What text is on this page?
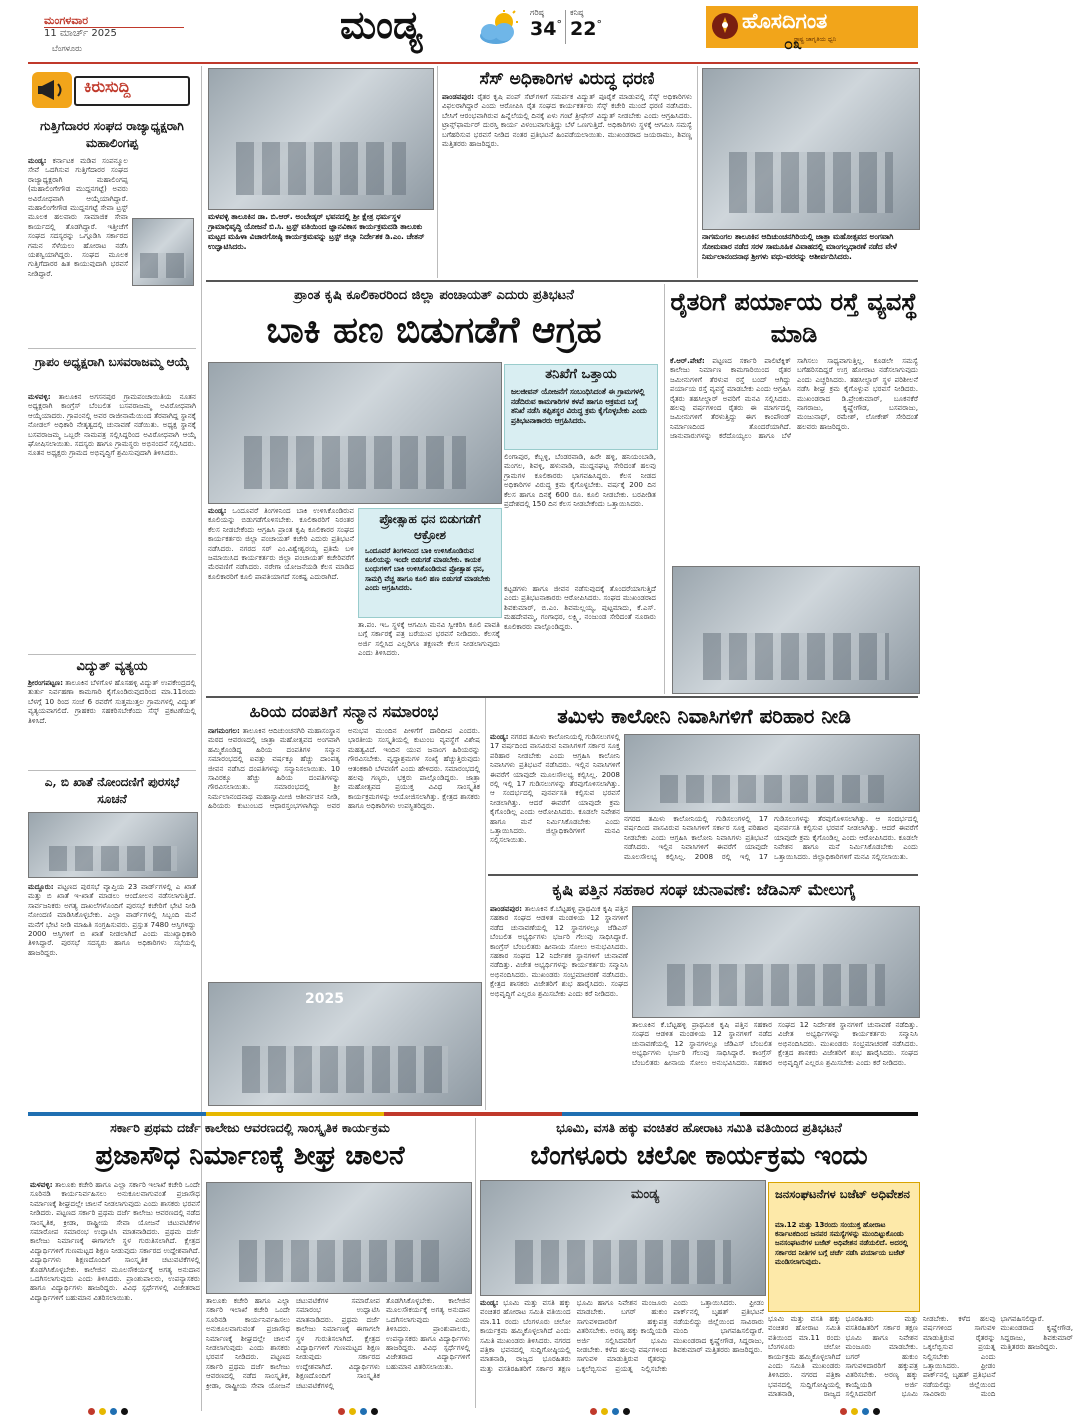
ಮಂಗಳವಾರ
11 ಮಾರ್ಚ್ 2025
ಬೆಂಗಳೂರು
ಮಂಡ್ಯ	ಗರಿಷ್ಠ
34°
ಕನಿಷ್ಠ
22°	ಹೊಸದಿಗಂತ
ರಾಷ್ಟ್ರ ಜಾಗೃತಿಯ ಧ್ವನಿ
೦೩
ಕಿರುಸುದ್ದಿ
ಗುತ್ತಿಗೆದಾರರ ಸಂಘದ ರಾಜ್ಯಾಧ್ಯಕ್ಷರಾಗಿ ಮಹಾಲಿಂಗಪ್ಪ
ಮಂಡ್ಯ: ಕರ್ನಾಟಕ ಮಡಿವ ಸಂಪನ್ಮೂಲ ಸೇವೆ ಒದಗಿಸುವ ಗುತ್ತಿಗೆದಾರರ ಸಂಘದ ರಾಜ್ಯಾಧ್ಯಕ್ಷರಾಗಿ ಮಹಾಲಿಂಗಪ್ಪ (ಮಹಾಲಿಂಗೇಗೌಡ ಮುದ್ದನಗಟ್ಟೆ) ಅವರು ಅವಿರೋಧವಾಗಿ ಆಯ್ಕೆಯಾಗಿದ್ದಾರೆ. ಮಹಾಲಿಂಗೇಗೌಡ ಮುದ್ದನಗಟ್ಟೆ ಸೇವಾ ಟ್ರಸ್ಟ್ ಮೂಲಕ ಹಲವಾರು ಸಾಮಾಜಿಕ ಸೇವಾ ಕಾರ್ಯದಲ್ಲಿ ತೊಡಗಿದ್ದಾರೆ. ಇತ್ತೀಚೆಗೆ ಸಂಘದ ಸದಸ್ಯರನ್ನು ಒಗ್ಗೂಡಿಸಿ ಸರ್ಕಾರದ ಗಮನ ಸೆಳೆಯಲು ಹೋರಾಟ ನಡೆಸಿ ಯಶಸ್ವಿಯಾಗಿದ್ದರು. ಸಂಘದ ಮೂಲಕ ಗುತ್ತಿಗೆದಾರರ ಹಿತ ಕಾಯುವುದಾಗಿ ಭರವಸೆ ನೀಡಿದ್ದಾರೆ.
ಗ್ರಾಪಂ ಅಧ್ಯಕ್ಷರಾಗಿ ಬಸವರಾಜಮ್ಮ ಆಯ್ಕೆ
ಮಳವಳ್ಳಿ: ತಾಲೂಕಿನ ಅಗಸನಪುರ ಗ್ರಾಮಪಂಚಾಯಿತಿಯ ನೂತನ ಅಧ್ಯಕ್ಷರಾಗಿ ಕಾಂಗ್ರೆಸ್ ಬೆಂಬಲಿತ ಬಸವರಾಜಮ್ಮ ಅವಿರೋಧವಾಗಿ ಆಯ್ಕೆಯಾದರು. ಗ್ರಾಪಂನಲ್ಲಿ ಅವರ ರಾಜೀನಾಮೆಯಿಂದ ತೆರವಾಗಿದ್ದ ಸ್ಥಾನಕ್ಕೆ ನೋಡಲ್ ಅಧಿಕಾರಿ ನೇತೃತ್ವದಲ್ಲಿ ಚುನಾವಣೆ ನಡೆಯಿತು. ಅಧ್ಯಕ್ಷ ಸ್ಥಾನಕ್ಕೆ ಬಸವರಾಜಮ್ಮ ಒಬ್ಬರೇ ನಾಮಪತ್ರ ಸಲ್ಲಿಸಿದ್ದರಿಂದ ಅವಿರೋಧವಾಗಿ ಆಯ್ಕೆ ಘೋಷಿಸಲಾಯಿತು. ಸದಸ್ಯರು ಹಾಗೂ ಗ್ರಾಮಸ್ಥರು ಅಭಿನಂದನೆ ಸಲ್ಲಿಸಿದರು. ನೂತನ ಅಧ್ಯಕ್ಷರು ಗ್ರಾಮದ ಅಭಿವೃದ್ಧಿಗೆ ಶ್ರಮಿಸುವುದಾಗಿ ತಿಳಿಸಿದರು.
ವಿದ್ಯುತ್ ವ್ಯತ್ಯಯ
ಶ್ರೀರಂಗಪಟ್ಟಣ: ತಾಲೂಕಿನ ಬೆಳಗೊಳ ಹೊಸಹಳ್ಳಿ ವಿದ್ಯುತ್ ಉಪಕೇಂದ್ರದಲ್ಲಿ ತುರ್ತು ನಿರ್ವಹಣಾ ಕಾಮಗಾರಿ ಕೈಗೊಂಡಿರುವುದರಿಂದ ಮಾ.11ರಂದು ಬೆಳಗ್ಗೆ 10 ರಿಂದ ಸಂಜೆ 6 ರವರೆಗೆ ಸುತ್ತಮುತ್ತಲ ಗ್ರಾಮಗಳಲ್ಲಿ ವಿದ್ಯುತ್ ವ್ಯತ್ಯಯವಾಗಲಿದೆ. ಗ್ರಾಹಕರು ಸಹಕರಿಸಬೇಕೆಂದು ಸೆಸ್ಕ್ ಪ್ರಕಟಣೆಯಲ್ಲಿ ತಿಳಿಸಿದೆ.
ಎ, ಬಿ ಖಾತೆ ನೋಂದಣಿಗೆ ಪುರಸಭೆ ಸೂಚನೆ
ಮದ್ದೂರು: ಪಟ್ಟಣದ ಪುರಸಭೆ ವ್ಯಾಪ್ತಿಯ 23 ವಾರ್ಡ್‌ಗಳಲ್ಲಿ ಎ ಖಾತೆ ಮತ್ತು ಬಿ ಖಾತೆ ಇ-ಖಾತೆ ಮಾಡಲು ಆಂದೋಲನ ನಡೆಸಲಾಗುತ್ತಿದೆ. ಸಾರ್ವಜನಿಕರು ಅಗತ್ಯ ದಾಖಲೆಗಳೊಂದಿಗೆ ಪುರಸಭೆ ಕಚೇರಿಗೆ ಭೇಟಿ ನೀಡಿ ನೋಂದಣಿ ಮಾಡಿಸಿಕೊಳ್ಳಬೇಕು. ಎಲ್ಲಾ ವಾರ್ಡ್‌ಗಳಲ್ಲಿ ಸಿಬ್ಬಂದಿ ಮನೆ ಮನೆಗೆ ಭೇಟಿ ನೀಡಿ ಮಾಹಿತಿ ಸಂಗ್ರಹಿಸುವರು. ಪ್ರಸ್ತುತ 7480 ಆಸ್ತಿಗಳಿದ್ದು 2000 ಆಸ್ತಿಗಳಿಗೆ ಬಿ ಖಾತೆ ನೀಡಲಾಗಿದೆ ಎಂದು ಮುಖ್ಯಾಧಿಕಾರಿ ತಿಳಿಸಿದ್ದಾರೆ. ಪುರಸಭೆ ಸದಸ್ಯರು ಹಾಗೂ ಅಧಿಕಾರಿಗಳು ಸಭೆಯಲ್ಲಿ ಹಾಜರಿದ್ದರು.
ಮಳವಳ್ಳಿ ತಾಲೂಕಿನ ಡಾ. ಬಿ.ಆರ್. ಅಂಬೇಡ್ಕರ್ ಭವನದಲ್ಲಿ ಶ್ರೀ ಕ್ಷೇತ್ರ ಧರ್ಮಸ್ಥಳ ಗ್ರಾಮಾಭಿವೃದ್ಧಿ ಯೋಜನೆ ಬಿ.ಸಿ. ಟ್ರಸ್ಟ್ ವತಿಯಿಂದ ಜ್ಞಾನವಿಕಾಸ ಕಾರ್ಯಕ್ರಮದಡಿ ತಾಲೂಕು ಮಟ್ಟದ ಮಹಿಳಾ ವಿಚಾರಗೋಷ್ಠಿ ಕಾರ್ಯಕ್ರಮವನ್ನು ಟ್ರಸ್ಟ್ ಜಿಲ್ಲಾ ನಿರ್ದೇಶಕ ಡಿ.ಎಂ. ಚೇತನ್ ಉದ್ಘಾಟಿಸಿದರು.
ಸೆಸ್ ಅಧಿಕಾರಿಗಳ ವಿರುದ್ಧ ಧರಣಿ
ಪಾಂಡವಪುರ: ರೈತರ ಕೃಷಿ ಪಂಪ್ ಸೆಟ್‌ಗಳಿಗೆ ಸಮರ್ಪಕ ವಿದ್ಯುತ್ ಪೂರೈಕೆ ಮಾಡುವಲ್ಲಿ ಸೆಸ್ಕ್ ಅಧಿಕಾರಿಗಳು ವಿಫಲರಾಗಿದ್ದಾರೆ ಎಂದು ಆರೋಪಿಸಿ ರೈತ ಸಂಘದ ಕಾರ್ಯಕರ್ತರು ಸೆಸ್ಕ್ ಕಚೇರಿ ಮುಂದೆ ಧರಣಿ ನಡೆಸಿದರು. ಬೇಸಿಗೆ ಆರಂಭವಾಗಿರುವ ಹಿನ್ನೆಲೆಯಲ್ಲಿ ದಿನಕ್ಕೆ ಏಳು ಗಂಟೆ ತ್ರೀಫೇಸ್ ವಿದ್ಯುತ್ ನೀಡಬೇಕು ಎಂದು ಆಗ್ರಹಿಸಿದರು. ಟ್ರಾನ್ಸ್‌ಫಾರ್ಮರ್ ದುರಸ್ತಿ ಕಾರ್ಯ ವಿಳಂಬವಾಗುತ್ತಿದ್ದು ಬೆಳೆ ಒಣಗುತ್ತಿದೆ. ಅಧಿಕಾರಿಗಳು ಸ್ಥಳಕ್ಕೆ ಆಗಮಿಸಿ ಸಮಸ್ಯೆ ಬಗೆಹರಿಸುವ ಭರವಸೆ ನೀಡಿದ ನಂತರ ಪ್ರತಿಭಟನೆ ಹಿಂಪಡೆಯಲಾಯಿತು. ಮುಖಂಡರಾದ ಜಯರಾಮು, ಶಿವಣ್ಣ ಮತ್ತಿತರರು ಹಾಜರಿದ್ದರು.
ನಾಗಮಂಗಲ ತಾಲೂಕಿನ ಆದಿಚುಂಚನಗಿರಿಯಲ್ಲಿ ಜಾತ್ರಾ ಮಹೋತ್ಸವದ ಅಂಗವಾಗಿ ಸೋಮವಾರ ನಡೆದ ಸರಳ ಸಾಮೂಹಿಕ ವಿವಾಹದಲ್ಲಿ ಮಾಂಗಲ್ಯಧಾರಣೆ ನಡೆದ ವೇಳೆ ನಿರ್ಮಲಾನಂದನಾಥ ಶ್ರೀಗಳು ವಧು-ವರರನ್ನು ಆಶೀರ್ವದಿಸಿದರು.
ಪ್ರಾಂತ ಕೃಷಿ ಕೂಲಿಕಾರರಿಂದ ಜಿಲ್ಲಾ ಪಂಚಾಯತ್ ಎದುರು ಪ್ರತಿಭಟನೆ
ಬಾಕಿ ಹಣ ಬಿಡುಗಡೆಗೆ ಆಗ್ರಹ
ತನಿಖೆಗೆ ಒತ್ತಾಯ
ಜಲಜೀವನ್ ಯೋಜನೆಗೆ ಸಂಬಂಧಿಸಿದಂತೆ ಈ ಗ್ರಾಮಗಳಲ್ಲಿ ನಡೆದಿರುವ ಕಾಮಗಾರಿಗಳ ಕಳಪೆ ಹಾಗೂ ಅಕ್ರಮದ ಬಗ್ಗೆ ತನಿಖೆ ನಡೆಸಿ ತಪ್ಪಿತಸ್ಥರ ವಿರುದ್ಧ ಕ್ರಮ ಕೈಗೊಳ್ಳಬೇಕು ಎಂದು ಪ್ರತಿಭಟನಾಕಾರರು ಆಗ್ರಹಿಸಿದರು.
ಲಿಂಗಾಪುರ, ಕೆಬ್ಬಳ್ಳಿ, ಬೆಂಡರವಾಡಿ, ಹಿರೇ ಹಳ್ಳಿ, ಹನಿಯಂಬಾಡಿ, ಮಂಗಲ, ಶಿವಳ್ಳಿ, ಹಳುವಾಡಿ, ಮುದ್ದನಘಟ್ಟ ಸೇರಿದಂತೆ ಹಲವು ಗ್ರಾಮಗಳ ಕೂಲಿಕಾರರು ಭಾಗವಹಿಸಿದ್ದರು. ಕೆಲಸ ನೀಡದ ಅಧಿಕಾರಿಗಳ ವಿರುದ್ಧ ಕ್ರಮ ಕೈಗೊಳ್ಳಬೇಕು. ವರ್ಷಕ್ಕೆ 200 ದಿನ ಕೆಲಸ ಹಾಗೂ ದಿನಕ್ಕೆ 600 ರೂ. ಕೂಲಿ ನೀಡಬೇಕು. ಬರಪೀಡಿತ ಪ್ರದೇಶದಲ್ಲಿ 150 ದಿನ ಕೆಲಸ ನೀಡಬೇಕೆಂದು ಒತ್ತಾಯಿಸಿದರು.
ಮಂಡ್ಯ: ಒಂದೂವರೆ ತಿಂಗಳಿನಿಂದ ಬಾಕಿ ಉಳಿಸಿಕೊಂಡಿರುವ ಕೂಲಿಯನ್ನು ಬಿಡುಗಡೆಗೊಳಿಸಬೇಕು. ಕೂಲಿಕಾರರಿಗೆ ನಿರಂತರ ಕೆಲಸ ನೀಡಬೇಕೆಂದು ಆಗ್ರಹಿಸಿ ಪ್ರಾಂತ ಕೃಷಿ ಕೂಲಿಕಾರರ ಸಂಘದ ಕಾರ್ಯಕರ್ತರು ಜಿಲ್ಲಾ ಪಂಚಾಯತ್ ಕಚೇರಿ ಎದುರು ಪ್ರತಿಭಟನೆ ನಡೆಸಿದರು. ನಗರದ ಸರ್ ಎಂ.ವಿಶ್ವೇಶ್ವರಯ್ಯ ಪ್ರತಿಮೆ ಬಳಿ ಜಮಾಯಿಸಿದ ಕಾರ್ಯಕರ್ತರು ಜಿಲ್ಲಾ ಪಂಚಾಯತ್ ಕಚೇರಿವರೆಗೆ ಮೆರವಣಿಗೆ ನಡೆಸಿದರು. ನರೇಗಾ ಯೋಜನೆಯಡಿ ಕೆಲಸ ಮಾಡಿದ ಕೂಲಿಕಾರರಿಗೆ ಕೂಲಿ ಪಾವತಿಯಾಗದೆ ಸಂಕಷ್ಟ ಎದುರಾಗಿದೆ.
ಪ್ರೋತ್ಸಾಹ ಧನ ಬಿಡುಗಡೆಗೆ ಆಕ್ರೋಶ
ಒಂದೂವರೆ ತಿಂಗಳಿನಿಂದ ಬಾಕಿ ಉಳಿಸಿಕೊಂಡಿರುವ ಕೂಲಿಯನ್ನು ಇಂದೇ ಬಿಡುಗಡೆ ಮಾಡಬೇಕು. ಕಾಯಕ ಬಂಧುಗಳಿಗೆ ಬಾಕಿ ಉಳಿಸಿಕೊಂಡಿರುವ ಪ್ರೋತ್ಸಾಹ ಧನ, ಸಾಮಗ್ರಿ ವೆಚ್ಚ ಹಾಗೂ ಕೂಲಿ ಹಣ ಬಿಡುಗಡೆ ಮಾಡಬೇಕು ಎಂದು ಆಗ್ರಹಿಸಿದರು.
ತಾ.ಪಂ. ಇಒ ಸ್ಥಳಕ್ಕೆ ಆಗಮಿಸಿ ಮನವಿ ಸ್ವೀಕರಿಸಿ ಕೂಲಿ ಪಾವತಿ ಬಗ್ಗೆ ಸರ್ಕಾರಕ್ಕೆ ಪತ್ರ ಬರೆಯುವ ಭರವಸೆ ನೀಡಿದರು. ಕೆಲಸಕ್ಕೆ ಅರ್ಜಿ ಸಲ್ಲಿಸಿದ ಎಲ್ಲರಿಗೂ ತಕ್ಷಣವೇ ಕೆಲಸ ನೀಡಲಾಗುವುದು ಎಂದು ತಿಳಿಸಿದರು.
ಕಟ್ಟಡಗಳು ಹಾಗೂ ಜೀವನ ನಡೆಸುವುದಕ್ಕೆ ತೊಂದರೆಯಾಗುತ್ತಿದೆ ಎಂದು ಪ್ರತಿಭಟನಾಕಾರರು ಆರೋಪಿಸಿದರು. ಸಂಘದ ಮುಖಂಡರಾದ ಶಿವಕುಮಾರ್, ಬಿ.ಎಂ. ಶಿವಮಲ್ಲಯ್ಯ, ಪುಟ್ಟಮಾದು, ಕೆ.ಎಸ್. ಮಹದೇವಮ್ಮ, ಗಂಗಾಧರ, ಲಕ್ಷ್ಮಿ, ನಂಜುಂಡ ಸೇರಿದಂತೆ ನೂರಾರು ಕೂಲಿಕಾರರು ಪಾಲ್ಗೊಂಡಿದ್ದರು.
ರೈತರಿಗೆ ಪರ್ಯಾಯ ರಸ್ತೆ ವ್ಯವಸ್ಥೆ ಮಾಡಿ
ಕೆ.ಆರ್.ಪೇಟೆ: ಪಟ್ಟಣದ ಸರ್ಕಾರಿ ಪಾಲಿಟೆಕ್ನಿಕ್ ಕಾಲೇಜು ನಿರ್ಮಾಣ ಕಾಮಗಾರಿಯಿಂದ ರೈತರ ಜಮೀನುಗಳಿಗೆ ತೆರಳುವ ರಸ್ತೆ ಬಂದ್ ಆಗಿದ್ದು ಪರ್ಯಾಯ ರಸ್ತೆ ವ್ಯವಸ್ಥೆ ಮಾಡಬೇಕು ಎಂದು ಆಗ್ರಹಿಸಿ ರೈತರು ತಹಸೀಲ್ದಾರ್ ಅವರಿಗೆ ಮನವಿ ಸಲ್ಲಿಸಿದರು. ಹಲವು ವರ್ಷಗಳಿಂದ ರೈತರು ಈ ಮಾರ್ಗದಲ್ಲಿ ಜಮೀನುಗಳಿಗೆ ತೆರಳುತ್ತಿದ್ದು ಈಗ ಕಾಂಪೌಂಡ್ ನಿರ್ಮಾಣದಿಂದ ತೊಂದರೆಯಾಗಿದೆ. ಜಾನುವಾರುಗಳನ್ನು ಕರೆದೊಯ್ಯಲು ಹಾಗೂ ಬೆಳೆ ಸಾಗಿಸಲು ಸಾಧ್ಯವಾಗುತ್ತಿಲ್ಲ. ಕೂಡಲೇ ಸಮಸ್ಯೆ ಬಗೆಹರಿಸದಿದ್ದರೆ ಉಗ್ರ ಹೋರಾಟ ನಡೆಸಲಾಗುವುದು ಎಂದು ಎಚ್ಚರಿಸಿದರು. ತಹಸೀಲ್ದಾರ್ ಸ್ಥಳ ಪರಿಶೀಲನೆ ನಡೆಸಿ ಶೀಘ್ರ ಕ್ರಮ ಕೈಗೊಳ್ಳುವ ಭರವಸೆ ನೀಡಿದರು. ಮುಖಂಡರಾದ ಡಿ.ಪ್ರೇಂಕುಮಾರ್, ಬೂಕನಕೆರೆ ನಾಗರಾಜು, ಕೃಷ್ಣೇಗೌಡ, ಬಸವರಾಜು, ಮಂಜುನಾಥ್, ರಮೇಶ್, ಲೋಕೇಶ್ ಸೇರಿದಂತೆ ಹಲವರು ಹಾಜರಿದ್ದರು.
ಹಿರಿಯ ದಂಪತಿಗೆ ಸನ್ಮಾನ ಸಮಾರಂಭ
ನಾಗಮಂಗಲ: ತಾಲೂಕಿನ ಆದಿಚುಂಚನಗಿರಿ ಮಹಾಸಂಸ್ಥಾನ ಮಠದ ಆವರಣದಲ್ಲಿ ಜಾತ್ರಾ ಮಹೋತ್ಸವದ ಅಂಗವಾಗಿ ಹಮ್ಮಿಕೊಂಡಿದ್ದ ಹಿರಿಯ ದಂಪತಿಗಳ ಸನ್ಮಾನ ಸಮಾರಂಭದಲ್ಲಿ ಐವತ್ತು ವರ್ಷಕ್ಕೂ ಹೆಚ್ಚು ದಾಂಪತ್ಯ ಜೀವನ ನಡೆಸಿದ ದಂಪತಿಗಳನ್ನು ಸನ್ಮಾನಿಸಲಾಯಿತು. 10 ಸಾವಿರಕ್ಕೂ ಹೆಚ್ಚು ಹಿರಿಯ ದಂಪತಿಗಳನ್ನು ಗೌರವಿಸಲಾಯಿತು. ಸಮಾರಂಭದಲ್ಲಿ ಶ್ರೀ ನಿರ್ಮಲಾನಂದನಾಥ ಮಹಾಸ್ವಾಮೀಜಿ ಆಶೀರ್ವಚನ ನೀಡಿ, ಹಿರಿಯರು ಕುಟುಂಬದ ಆಧಾರಸ್ತಂಭಗಳಾಗಿದ್ದು ಅವರ ಅನುಭವ ಮುಂದಿನ ಪೀಳಿಗೆಗೆ ದಾರಿದೀಪ ಎಂದರು. ಭಾರತೀಯ ಸಂಸ್ಕೃತಿಯಲ್ಲಿ ಕುಟುಂಬ ವ್ಯವಸ್ಥೆಗೆ ವಿಶೇಷ ಮಹತ್ವವಿದೆ. ಇಂದಿನ ಯುವ ಜನಾಂಗ ಹಿರಿಯರನ್ನು ಗೌರವಿಸಬೇಕು. ವೃದ್ಧಾಶ್ರಮಗಳ ಸಂಖ್ಯೆ ಹೆಚ್ಚುತ್ತಿರುವುದು ಆತಂಕಕಾರಿ ಬೆಳವಣಿಗೆ ಎಂದು ಹೇಳಿದರು. ಸಮಾರಂಭದಲ್ಲಿ ಹಲವು ಗಣ್ಯರು, ಭಕ್ತರು ಪಾಲ್ಗೊಂಡಿದ್ದರು. ಜಾತ್ರಾ ಮಹೋತ್ಸವದ ಪ್ರಯುಕ್ತ ವಿವಿಧ ಸಾಂಸ್ಕೃತಿಕ ಕಾರ್ಯಕ್ರಮಗಳನ್ನು ಆಯೋಜಿಸಲಾಗಿತ್ತು. ಕ್ಷೇತ್ರದ ಶಾಸಕರು ಹಾಗೂ ಅಧಿಕಾರಿಗಳು ಉಪಸ್ಥಿತರಿದ್ದರು.
2025
ತಮಿಳು ಕಾಲೋನಿ ನಿವಾಸಿಗಳಿಗೆ ಪರಿಹಾರ ನೀಡಿ
ಮಂಡ್ಯ: ನಗರದ ತಮಿಳು ಕಾಲೋನಿಯಲ್ಲಿ ಗುಡಿಸಲುಗಳಲ್ಲಿ 17 ವರ್ಷದಿಂದ ವಾಸವಿರುವ ನಿವಾಸಿಗಳಿಗೆ ಸರ್ಕಾರ ಸೂಕ್ತ ಪರಿಹಾರ ನೀಡಬೇಕು ಎಂದು ಆಗ್ರಹಿಸಿ ಕಾಲೋನಿ ನಿವಾಸಿಗಳು ಪ್ರತಿಭಟನೆ ನಡೆಸಿದರು. ಇಲ್ಲಿನ ನಿವಾಸಿಗಳಿಗೆ ಈವರೆಗೆ ಯಾವುದೇ ಮೂಲಸೌಲಭ್ಯ ಕಲ್ಪಿಸಿಲ್ಲ. 2008 ರಲ್ಲಿ ಇಲ್ಲಿ 17 ಗುಡಿಸಲುಗಳನ್ನು ತೆರವುಗೊಳಿಸಲಾಗಿತ್ತು. ಆ ಸಂದರ್ಭದಲ್ಲಿ ಪುನರ್ವಸತಿ ಕಲ್ಪಿಸುವ ಭರವಸೆ ನೀಡಲಾಗಿತ್ತು. ಆದರೆ ಈವರೆಗೆ ಯಾವುದೇ ಕ್ರಮ ಕೈಗೊಂಡಿಲ್ಲ ಎಂದು ಆರೋಪಿಸಿದರು. ಕೂಡಲೇ ನಿವೇಶನ ಹಾಗೂ ಮನೆ ನಿರ್ಮಿಸಿಕೊಡಬೇಕು ಎಂದು ಒತ್ತಾಯಿಸಿದರು. ಜಿಲ್ಲಾಧಿಕಾರಿಗಳಿಗೆ ಮನವಿ ಸಲ್ಲಿಸಲಾಯಿತು.
ನಗರದ ತಮಿಳು ಕಾಲೋನಿಯಲ್ಲಿ ಗುಡಿಸಲುಗಳಲ್ಲಿ 17 ವರ್ಷದಿಂದ ವಾಸವಿರುವ ನಿವಾಸಿಗಳಿಗೆ ಸರ್ಕಾರ ಸೂಕ್ತ ಪರಿಹಾರ ನೀಡಬೇಕು ಎಂದು ಆಗ್ರಹಿಸಿ ಕಾಲೋನಿ ನಿವಾಸಿಗಳು ಪ್ರತಿಭಟನೆ ನಡೆಸಿದರು. ಇಲ್ಲಿನ ನಿವಾಸಿಗಳಿಗೆ ಈವರೆಗೆ ಯಾವುದೇ ಮೂಲಸೌಲಭ್ಯ ಕಲ್ಪಿಸಿಲ್ಲ. 2008 ರಲ್ಲಿ ಇಲ್ಲಿ 17 ಗುಡಿಸಲುಗಳನ್ನು ತೆರವುಗೊಳಿಸಲಾಗಿತ್ತು. ಆ ಸಂದರ್ಭದಲ್ಲಿ ಪುನರ್ವಸತಿ ಕಲ್ಪಿಸುವ ಭರವಸೆ ನೀಡಲಾಗಿತ್ತು. ಆದರೆ ಈವರೆಗೆ ಯಾವುದೇ ಕ್ರಮ ಕೈಗೊಂಡಿಲ್ಲ ಎಂದು ಆರೋಪಿಸಿದರು. ಕೂಡಲೇ ನಿವೇಶನ ಹಾಗೂ ಮನೆ ನಿರ್ಮಿಸಿಕೊಡಬೇಕು ಎಂದು ಒತ್ತಾಯಿಸಿದರು. ಜಿಲ್ಲಾಧಿಕಾರಿಗಳಿಗೆ ಮನವಿ ಸಲ್ಲಿಸಲಾಯಿತು.
ಕೃಷಿ ಪತ್ತಿನ ಸಹಕಾರ ಸಂಘ ಚುನಾವಣೆ: ಜೆಡಿಎಸ್ ಮೇಲುಗೈ
ಪಾಂಡವಪುರ: ತಾಲೂಕಿನ ಕೆ.ಬೆಟ್ಟಹಳ್ಳಿ ಪ್ರಾಥಮಿಕ ಕೃಷಿ ಪತ್ತಿನ ಸಹಕಾರ ಸಂಘದ ಆಡಳಿತ ಮಂಡಳಿಯ 12 ಸ್ಥಾನಗಳಿಗೆ ನಡೆದ ಚುನಾವಣೆಯಲ್ಲಿ 12 ಸ್ಥಾನಗಳಲ್ಲೂ ಜೆಡಿಎಸ್ ಬೆಂಬಲಿತ ಅಭ್ಯರ್ಥಿಗಳು ಭರ್ಜರಿ ಗೆಲುವು ಸಾಧಿಸಿದ್ದಾರೆ. ಕಾಂಗ್ರೆಸ್ ಬೆಂಬಲಿತರು ಹೀನಾಯ ಸೋಲು ಅನುಭವಿಸಿದರು. ಸಹಕಾರ ಸಂಘದ 12 ನಿರ್ದೇಶಕ ಸ್ಥಾನಗಳಿಗೆ ಚುನಾವಣೆ ನಡೆದಿತ್ತು. ವಿಜೇತ ಅಭ್ಯರ್ಥಿಗಳನ್ನು ಕಾರ್ಯಕರ್ತರು ಸನ್ಮಾನಿಸಿ ಅಭಿನಂದಿಸಿದರು. ಮುಖಂಡರು ಸಂಭ್ರಮಾಚರಣೆ ನಡೆಸಿದರು. ಕ್ಷೇತ್ರದ ಶಾಸಕರು ವಿಜೇತರಿಗೆ ಶುಭ ಹಾರೈಸಿದರು. ಸಂಘದ ಅಭಿವೃದ್ಧಿಗೆ ಎಲ್ಲರೂ ಶ್ರಮಿಸಬೇಕು ಎಂದು ಕರೆ ನೀಡಿದರು.
ತಾಲೂಕಿನ ಕೆ.ಬೆಟ್ಟಹಳ್ಳಿ ಪ್ರಾಥಮಿಕ ಕೃಷಿ ಪತ್ತಿನ ಸಹಕಾರ ಸಂಘದ ಆಡಳಿತ ಮಂಡಳಿಯ 12 ಸ್ಥಾನಗಳಿಗೆ ನಡೆದ ಚುನಾವಣೆಯಲ್ಲಿ 12 ಸ್ಥಾನಗಳಲ್ಲೂ ಜೆಡಿಎಸ್ ಬೆಂಬಲಿತ ಅಭ್ಯರ್ಥಿಗಳು ಭರ್ಜರಿ ಗೆಲುವು ಸಾಧಿಸಿದ್ದಾರೆ. ಕಾಂಗ್ರೆಸ್ ಬೆಂಬಲಿತರು ಹೀನಾಯ ಸೋಲು ಅನುಭವಿಸಿದರು. ಸಹಕಾರ ಸಂಘದ 12 ನಿರ್ದೇಶಕ ಸ್ಥಾನಗಳಿಗೆ ಚುನಾವಣೆ ನಡೆದಿತ್ತು. ವಿಜೇತ ಅಭ್ಯರ್ಥಿಗಳನ್ನು ಕಾರ್ಯಕರ್ತರು ಸನ್ಮಾನಿಸಿ ಅಭಿನಂದಿಸಿದರು. ಮುಖಂಡರು ಸಂಭ್ರಮಾಚರಣೆ ನಡೆಸಿದರು. ಕ್ಷೇತ್ರದ ಶಾಸಕರು ವಿಜೇತರಿಗೆ ಶುಭ ಹಾರೈಸಿದರು. ಸಂಘದ ಅಭಿವೃದ್ಧಿಗೆ ಎಲ್ಲರೂ ಶ್ರಮಿಸಬೇಕು ಎಂದು ಕರೆ ನೀಡಿದರು.
ಸರ್ಕಾರಿ ಪ್ರಥಮ ದರ್ಜೆ ಕಾಲೇಜು ಆವರಣದಲ್ಲಿ ಸಾಂಸ್ಕೃತಿಕ ಕಾರ್ಯಕ್ರಮ
ಪ್ರಜಾಸೌಧ ನಿರ್ಮಾಣಕ್ಕೆ ಶೀಘ್ರ ಚಾಲನೆ
ಮಳವಳ್ಳಿ: ತಾಲೂಕು ಕಚೇರಿ ಹಾಗೂ ಎಲ್ಲಾ ಸರ್ಕಾರಿ ಇಲಾಖೆ ಕಚೇರಿ ಒಂದೇ ಸೂರಿನಡಿ ಕಾರ್ಯನಿರ್ವಹಿಸಲು ಅನುಕೂಲವಾಗುವಂತೆ ಪ್ರಜಾಸೌಧ ನಿರ್ಮಾಣಕ್ಕೆ ಶೀಘ್ರದಲ್ಲೇ ಚಾಲನೆ ನೀಡಲಾಗುವುದು ಎಂದು ಶಾಸಕರು ಭರವಸೆ ನೀಡಿದರು. ಪಟ್ಟಣದ ಸರ್ಕಾರಿ ಪ್ರಥಮ ದರ್ಜೆ ಕಾಲೇಜು ಆವರಣದಲ್ಲಿ ನಡೆದ ಸಾಂಸ್ಕೃತಿಕ, ಕ್ರೀಡಾ, ರಾಷ್ಟ್ರೀಯ ಸೇವಾ ಯೋಜನೆ ಚಟುವಟಿಕೆಗಳ ಸಮಾರೋಪ ಸಮಾರಂಭ ಉದ್ಘಾಟಿಸಿ ಮಾತನಾಡಿದರು. ಪ್ರಥಮ ದರ್ಜೆ ಕಾಲೇಜು ನಿರ್ಮಾಣಕ್ಕೆ ಈಗಾಗಲೇ ಸ್ಥಳ ಗುರುತಿಸಲಾಗಿದೆ. ಕ್ಷೇತ್ರದ ವಿದ್ಯಾರ್ಥಿಗಳಿಗೆ ಗುಣಮಟ್ಟದ ಶಿಕ್ಷಣ ನೀಡುವುದು ಸರ್ಕಾರದ ಉದ್ದೇಶವಾಗಿದೆ. ವಿದ್ಯಾರ್ಥಿಗಳು ಶಿಕ್ಷಣದೊಂದಿಗೆ ಸಾಂಸ್ಕೃತಿಕ ಚಟುವಟಿಕೆಗಳಲ್ಲಿ ತೊಡಗಿಸಿಕೊಳ್ಳಬೇಕು. ಕಾಲೇಜಿನ ಮೂಲಸೌಕರ್ಯಕ್ಕೆ ಅಗತ್ಯ ಅನುದಾನ ಒದಗಿಸಲಾಗುವುದು ಎಂದು ತಿಳಿಸಿದರು. ಪ್ರಾಂಶುಪಾಲರು, ಉಪನ್ಯಾಸಕರು ಹಾಗೂ ವಿದ್ಯಾರ್ಥಿಗಳು ಹಾಜರಿದ್ದರು. ವಿವಿಧ ಸ್ಪರ್ಧೆಗಳಲ್ಲಿ ವಿಜೇತರಾದ ವಿದ್ಯಾರ್ಥಿಗಳಿಗೆ ಬಹುಮಾನ ವಿತರಿಸಲಾಯಿತು.	ತಾಲೂಕು ಕಚೇರಿ ಹಾಗೂ ಎಲ್ಲಾ ಸರ್ಕಾರಿ ಇಲಾಖೆ ಕಚೇರಿ ಒಂದೇ ಸೂರಿನಡಿ ಕಾರ್ಯನಿರ್ವಹಿಸಲು ಅನುಕೂಲವಾಗುವಂತೆ ಪ್ರಜಾಸೌಧ ನಿರ್ಮಾಣಕ್ಕೆ ಶೀಘ್ರದಲ್ಲೇ ಚಾಲನೆ ನೀಡಲಾಗುವುದು ಎಂದು ಶಾಸಕರು ಭರವಸೆ ನೀಡಿದರು. ಪಟ್ಟಣದ ಸರ್ಕಾರಿ ಪ್ರಥಮ ದರ್ಜೆ ಕಾಲೇಜು ಆವರಣದಲ್ಲಿ ನಡೆದ ಸಾಂಸ್ಕೃತಿಕ, ಕ್ರೀಡಾ, ರಾಷ್ಟ್ರೀಯ ಸೇವಾ ಯೋಜನೆ ಚಟುವಟಿಕೆಗಳ ಸಮಾರೋಪ ಸಮಾರಂಭ ಉದ್ಘಾಟಿಸಿ ಮಾತನಾಡಿದರು. ಪ್ರಥಮ ದರ್ಜೆ ಕಾಲೇಜು ನಿರ್ಮಾಣಕ್ಕೆ ಈಗಾಗಲೇ ಸ್ಥಳ ಗುರುತಿಸಲಾಗಿದೆ. ಕ್ಷೇತ್ರದ ವಿದ್ಯಾರ್ಥಿಗಳಿಗೆ ಗುಣಮಟ್ಟದ ಶಿಕ್ಷಣ ನೀಡುವುದು ಸರ್ಕಾರದ ಉದ್ದೇಶವಾಗಿದೆ. ವಿದ್ಯಾರ್ಥಿಗಳು ಶಿಕ್ಷಣದೊಂದಿಗೆ ಸಾಂಸ್ಕೃತಿಕ ಚಟುವಟಿಕೆಗಳಲ್ಲಿ ತೊಡಗಿಸಿಕೊಳ್ಳಬೇಕು. ಕಾಲೇಜಿನ ಮೂಲಸೌಕರ್ಯಕ್ಕೆ ಅಗತ್ಯ ಅನುದಾನ ಒದಗಿಸಲಾಗುವುದು ಎಂದು ತಿಳಿಸಿದರು. ಪ್ರಾಂಶುಪಾಲರು, ಉಪನ್ಯಾಸಕರು ಹಾಗೂ ವಿದ್ಯಾರ್ಥಿಗಳು ಹಾಜರಿದ್ದರು. ವಿವಿಧ ಸ್ಪರ್ಧೆಗಳಲ್ಲಿ ವಿಜೇತರಾದ ವಿದ್ಯಾರ್ಥಿಗಳಿಗೆ ಬಹುಮಾನ ವಿತರಿಸಲಾಯಿತು.
ಭೂಮಿ, ವಸತಿ ಹಕ್ಕು ವಂಚಿತರ ಹೋರಾಟ ಸಮಿತಿ ವತಿಯಿಂದ ಪ್ರತಿಭಟನೆ
ಬೆಂಗಳೂರು ಚಲೋ ಕಾರ್ಯಕ್ರಮ ಇಂದು
ಮಂಡ್ಯ	ಜನಸಂಘಟನೆಗಳ ಬಜೆಟ್ ಅಧಿವೇಶನ
ಮಾ.12 ಮತ್ತು 13ರಂದು ಸಂಯುಕ್ತ ಹೋರಾಟ ಕರ್ನಾಟಕದಿಂದ ಜನಪರ ಸಮಸ್ಯೆಗಳನ್ನು ಮುಂದಿಟ್ಟುಕೊಂಡು ಜನಸಂಘಟನೆಗಳ ಬಜೆಟ್ ಅಧಿವೇಶನ ನಡೆಯಲಿದೆ. ಅದರಲ್ಲಿ ಸರ್ಕಾರದ ನೀತಿಗಳ ಬಗ್ಗೆ ಚರ್ಚೆ ನಡೆಸಿ ಪರ್ಯಾಯ ಬಜೆಟ್ ಮಂಡಿಸಲಾಗುವುದು.
ಮಂಡ್ಯ: ಭೂಮಿ ಮತ್ತು ವಸತಿ ಹಕ್ಕು ವಂಚಿತರ ಹೋರಾಟ ಸಮಿತಿ ವತಿಯಿಂದ ಮಾ.11 ರಂದು ಬೆಂಗಳೂರು ಚಲೋ ಕಾರ್ಯಕ್ರಮ ಹಮ್ಮಿಕೊಳ್ಳಲಾಗಿದೆ ಎಂದು ಸಮಿತಿ ಮುಖಂಡರು ತಿಳಿಸಿದರು. ನಗರದ ಪತ್ರಿಕಾ ಭವನದಲ್ಲಿ ಸುದ್ದಿಗೋಷ್ಠಿಯಲ್ಲಿ ಮಾತನಾಡಿ, ರಾಜ್ಯದ ಭೂರಹಿತರು ಮತ್ತು ವಸತಿರಹಿತರಿಗೆ ಸರ್ಕಾರ ತಕ್ಷಣ ಭೂಮಿ ಹಾಗೂ ನಿವೇಶನ ಮಂಜೂರು ಮಾಡಬೇಕು. ಬಗರ್ ಹುಕುಂ ಸಾಗುವಳಿದಾರರಿಗೆ ಹಕ್ಕುಪತ್ರ ವಿತರಿಸಬೇಕು. ಅರಣ್ಯ ಹಕ್ಕು ಕಾಯ್ದೆಯಡಿ ಅರ್ಜಿ ಸಲ್ಲಿಸಿದವರಿಗೆ ಭೂಮಿ ನೀಡಬೇಕು. ಕಳೆದ ಹಲವು ವರ್ಷಗಳಿಂದ ಸಾಗುವಳಿ ಮಾಡುತ್ತಿರುವ ರೈತರನ್ನು ಒಕ್ಕಲೆಬ್ಬಿಸುವ ಪ್ರಯತ್ನ ನಿಲ್ಲಿಸಬೇಕು ಎಂದು ಒತ್ತಾಯಿಸಿದರು. ಫ್ರೀಡಂ ಪಾರ್ಕ್‌ನಲ್ಲಿ ಬೃಹತ್ ಪ್ರತಿಭಟನೆ ನಡೆಯಲಿದ್ದು ಜಿಲ್ಲೆಯಿಂದ ಸಾವಿರಾರು ಮಂದಿ ಭಾಗವಹಿಸಲಿದ್ದಾರೆ. ಮುಖಂಡರಾದ ಕೃಷ್ಣೇಗೌಡ, ಸಿದ್ದರಾಜು, ಶಿವಕುಮಾರ್ ಮತ್ತಿತರರು ಹಾಜರಿದ್ದರು.
ಭೂಮಿ ಮತ್ತು ವಸತಿ ಹಕ್ಕು ವಂಚಿತರ ಹೋರಾಟ ಸಮಿತಿ ವತಿಯಿಂದ ಮಾ.11 ರಂದು ಬೆಂಗಳೂರು ಚಲೋ ಕಾರ್ಯಕ್ರಮ ಹಮ್ಮಿಕೊಳ್ಳಲಾಗಿದೆ ಎಂದು ಸಮಿತಿ ಮುಖಂಡರು ತಿಳಿಸಿದರು. ನಗರದ ಪತ್ರಿಕಾ ಭವನದಲ್ಲಿ ಸುದ್ದಿಗೋಷ್ಠಿಯಲ್ಲಿ ಮಾತನಾಡಿ, ರಾಜ್ಯದ ಭೂರಹಿತರು ಮತ್ತು ವಸತಿರಹಿತರಿಗೆ ಸರ್ಕಾರ ತಕ್ಷಣ ಭೂಮಿ ಹಾಗೂ ನಿವೇಶನ ಮಂಜೂರು ಮಾಡಬೇಕು. ಬಗರ್ ಹುಕುಂ ಸಾಗುವಳಿದಾರರಿಗೆ ಹಕ್ಕುಪತ್ರ ವಿತರಿಸಬೇಕು. ಅರಣ್ಯ ಹಕ್ಕು ಕಾಯ್ದೆಯಡಿ ಅರ್ಜಿ ಸಲ್ಲಿಸಿದವರಿಗೆ ಭೂಮಿ ನೀಡಬೇಕು. ಕಳೆದ ಹಲವು ವರ್ಷಗಳಿಂದ ಸಾಗುವಳಿ ಮಾಡುತ್ತಿರುವ ರೈತರನ್ನು ಒಕ್ಕಲೆಬ್ಬಿಸುವ ಪ್ರಯತ್ನ ನಿಲ್ಲಿಸಬೇಕು ಎಂದು ಒತ್ತಾಯಿಸಿದರು. ಫ್ರೀಡಂ ಪಾರ್ಕ್‌ನಲ್ಲಿ ಬೃಹತ್ ಪ್ರತಿಭಟನೆ ನಡೆಯಲಿದ್ದು ಜಿಲ್ಲೆಯಿಂದ ಸಾವಿರಾರು ಮಂದಿ ಭಾಗವಹಿಸಲಿದ್ದಾರೆ. ಮುಖಂಡರಾದ ಕೃಷ್ಣೇಗೌಡ, ಸಿದ್ದರಾಜು, ಶಿವಕುಮಾರ್ ಮತ್ತಿತರರು ಹಾಜರಿದ್ದರು.
